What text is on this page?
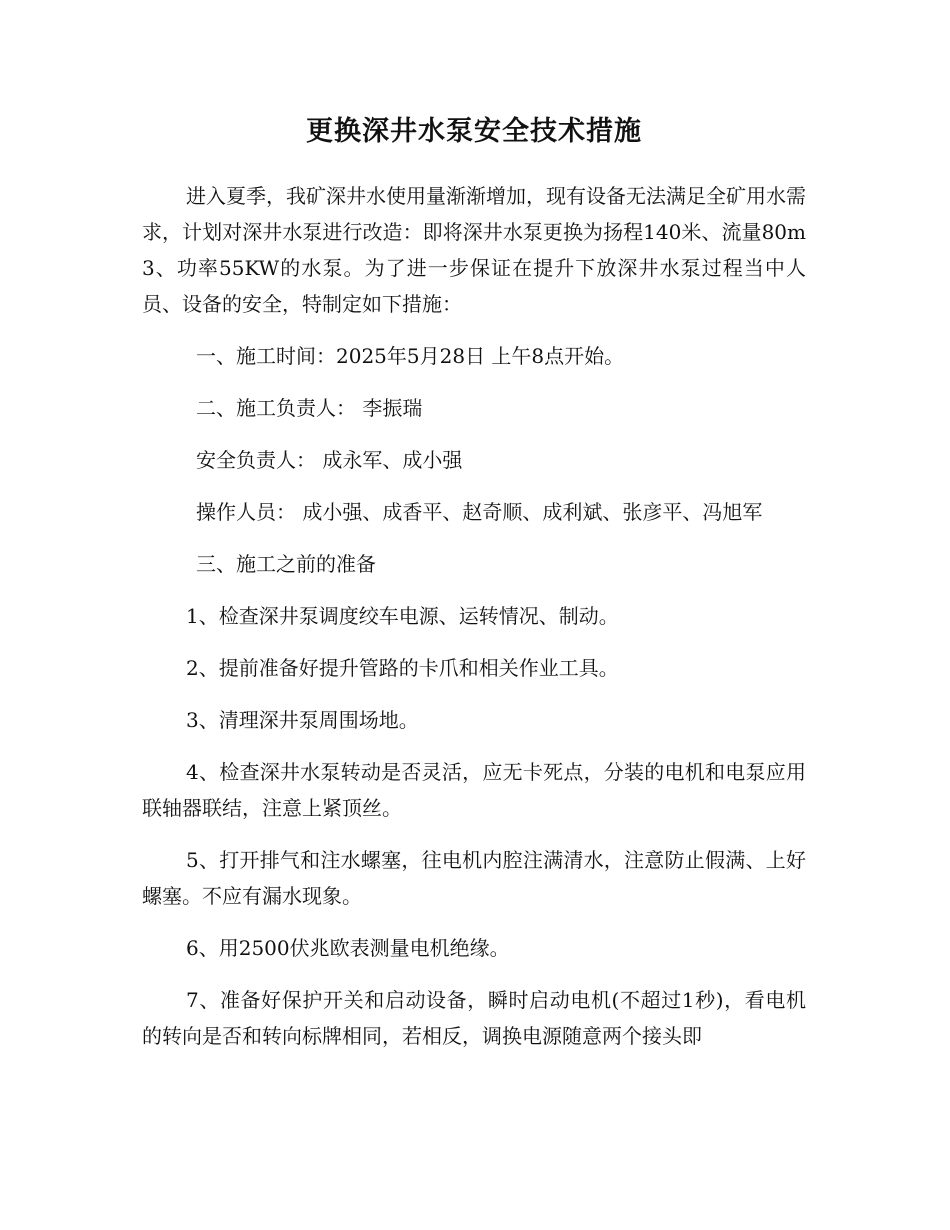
更换深井水泵安全技术措施

进入夏季，我矿深井水使用量渐渐增加，现有设备无法满足全矿用水需求，计划对深井水泵进行改造：即将深井水泵更换为扬程140米、流量80m3、功率55KW的水泵。为了进一步保证在提升下放深井水泵过程当中人员、设备的安全，特制定如下措施：

一、施工时间：2025年5月28日 上午8点开始。

二、施工负责人： 李振瑞

安全负责人： 成永军、成小强

操作人员： 成小强、成香平、赵奇顺、成利斌、张彦平、冯旭军

三、施工之前的准备

1、检查深井泵调度绞车电源、运转情况、制动。

2、提前准备好提升管路的卡爪和相关作业工具。

3、清理深井泵周围场地。

4、检查深井水泵转动是否灵活，应无卡死点，分装的电机和电泵应用联轴器联结，注意上紧顶丝。

5、打开排气和注水螺塞，往电机内腔注满清水，注意防止假满、上好螺塞。不应有漏水现象。

6、用2500伏兆欧表测量电机绝缘。

7、准备好保护开关和启动设备，瞬时启动电机(不超过1秒)，看电机的转向是否和转向标牌相同，若相反，调换电源随意两个接头即
